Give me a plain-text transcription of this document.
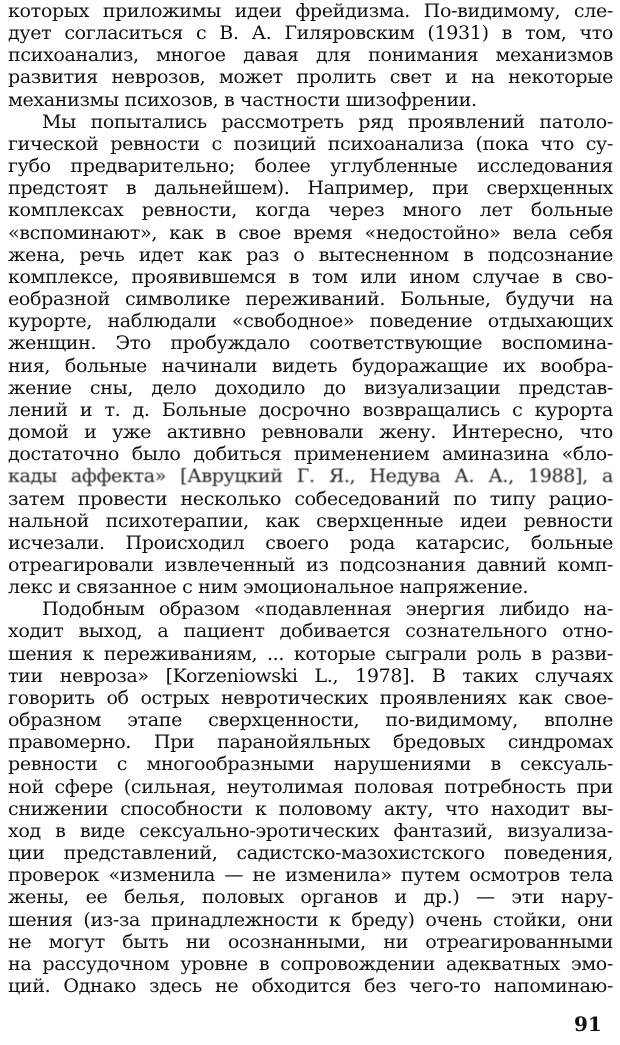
которых приложимы идеи фрейдизма. По-видимому, сле-
дует согласиться с В. А. Гиляровским (1931) в том, что
психоанализ, многое давая для понимания механизмов
развития неврозов, может пролить свет и на некоторые
механизмы психозов, в частности шизофрении.
Мы попытались рассмотреть ряд проявлений патоло-
гической ревности с позиций психоанализа (пока что су-
губо предварительно; более углубленные исследования
предстоят в дальнейшем). Например, при сверхценных
комплексах ревности, когда через много лет больные
«вспоминают», как в свое время «недостойно» вела себя
жена, речь идет как раз о вытесненном в подсознание
комплексе, проявившемся в том или ином случае в сво-
еобразной символике переживаний. Больные, будучи на
курорте, наблюдали «свободное» поведение отдыхающих
женщин. Это пробуждало соответствующие воспомина-
ния, больные начинали видеть будоражащие их вообра-
жение сны, дело доходило до визуализации представ-
лений и т. д. Больные досрочно возвращались с курорта
домой и уже активно ревновали жену. Интересно, что
достаточно было добиться применением аминазина «бло-
кады аффекта» [Авруцкий Г. Я., Недува А. А., 1988], а
затем провести несколько собеседований по типу рацио-
нальной психотерапии, как сверхценные идеи ревности
исчезали. Происходил своего рода катарсис, больные
отреагировали извлеченный из подсознания давний комп-
лекс и связанное с ним эмоциональное напряжение.
Подобным образом «подавленная энергия либидо на-
ходит выход, а пациент добивается сознательного отно-
шения к переживаниям, ... которые сыграли роль в разви-
тии невроза» [Korzeniowski L., 1978]. В таких случаях
говорить об острых невротических проявлениях как свое-
образном этапе сверхценности, по-видимому, вполне
правомерно. При паранойяльных бредовых синдромах
ревности с многообразными нарушениями в сексуаль-
ной сфере (сильная, неутолимая половая потребность при
снижении способности к половому акту, что находит вы-
ход в виде сексуально-эротических фантазий, визуализа-
ции представлений, садистско-мазохистского поведения,
проверок «изменила — не изменила» путем осмотров тела
жены, ее белья, половых органов и др.) — эти нару-
шения (из-за принадлежности к бреду) очень стойки, они
не могут быть ни осознанными, ни отреагированными
на рассудочном уровне в сопровождении адекватных эмо-
ций. Однако здесь не обходится без чего-то напоминаю-
91
